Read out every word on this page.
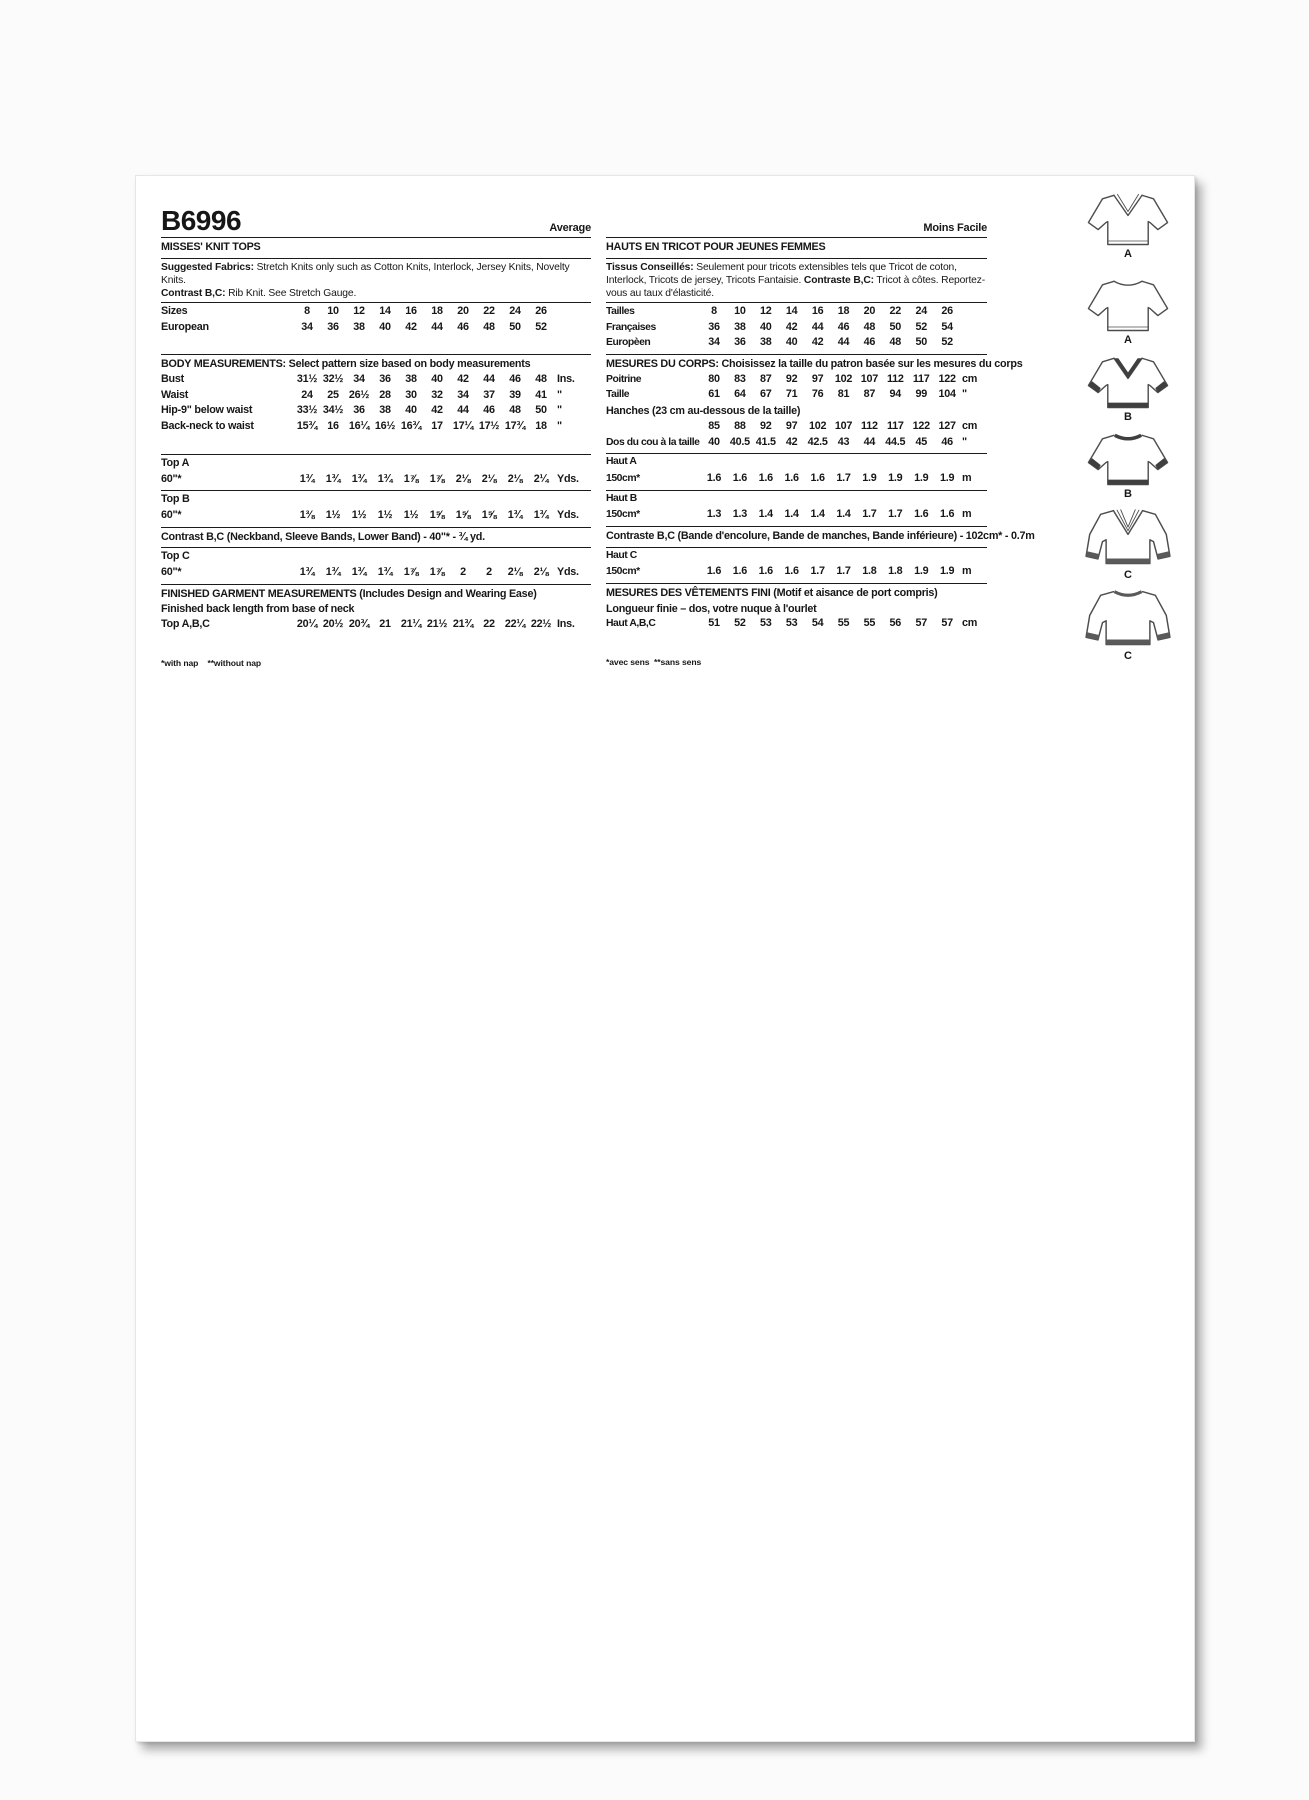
B6996	Average
MISSES' KNIT TOPS
Suggested Fabrics: Stretch Knits only such as Cotton Knits, Interlock, Jersey Knits, Novelty Knits.
Contrast B,C: Rib Knit. See Stretch Gauge.
Sizes	8	10	12	14	16	18	20	22	24	26
European	34	36	38	40	42	44	46	48	50	52
BODY MEASUREMENTS: Select pattern size based on body measurements
Bust	31½ 32½ 34	36	38	40	42	44	46	48 Ins.
Waist	24	25 26½ 28	30	32	34	37	39	41 "
Hip-9" below waist	33½ 34½ 36	38	40	42	44	46	48	50 "
Back-neck to waist	15¾ 16 16¼ 16½ 16¾ 17 17¼ 17½ 17¾ 18 "
Top A
60"*	1¾	1¾	1¾	1¾	1⅞	1⅞	2⅛	2⅛	2⅛	2¼ Yds.
Top B
60"*	1⅜	1½	1½	1½	1½	1⅝	1⅝	1⅝	1¾	1¾ Yds.
Contrast B,C (Neckband, Sleeve Bands, Lower Band) - 40"* - ¾ yd.
Top C
60"*	1¾	1¾	1¾	1¾	1⅞	1⅞	2	2	2⅛	2⅛ Yds.
FINISHED GARMENT MEASUREMENTS (Includes Design and Wearing Ease)
Finished back length from base of neck
Top A,B,C	20¼ 20½ 20¾ 21 21¼ 21½ 21¾ 22 22¼ 22½ Ins.
*with nap    **without nap
Moins Facile
HAUTS EN TRICOT POUR JEUNES FEMMES
Tissus Conseillés: Seulement pour tricots extensibles tels que Tricot de coton, Interlock, Tricots de jersey, Tricots Fantaisie. Contraste B,C: Tricot à côtes. Reportez-vous au taux d'élasticité.
Tailles	8	10	12	14	16	18	20	22	24	26
Françaises	36	38	40	42	44	46	48	50	52	54
Europèen	34	36	38	40	42	44	46	48	50	52
MESURES DU CORPS: Choisissez la taille du patron basée sur les mesures du corps
Poitrine	80	83	87	92	97	102 107 112 117 122 cm
Taille	61	64	67	71	76	81	87	94	99	104 "
Hanches (23 cm au-dessous de la taille)
85	88	92	97	102 107 112 117 122 127 cm
Dos du cou à la taille 40 40.5 41.5 42 42.5 43	44 44.5 45	46 "
Haut A
150cm*	1.6	1.6	1.6	1.6	1.6	1.7	1.9	1.9	1.9	1.9 m
Haut B
150cm*	1.3	1.3	1.4	1.4	1.4	1.4	1.7	1.7	1.6	1.6 m
Contraste B,C (Bande d'encolure, Bande de manches, Bande inférieure) - 102cm* - 0.7m
Haut C
150cm*	1.6	1.6	1.6	1.6	1.7	1.7	1.8	1.8	1.9	1.9 m
MESURES DES VÊTEMENTS FINI (Motif et aisance de port compris)
Longueur finie – dos, votre nuque à l'ourlet
Haut A,B,C	51	52	53	53	54	55	55	56	57	57 cm
*avec sens  **sans sens
A
A
B
B
C
C
